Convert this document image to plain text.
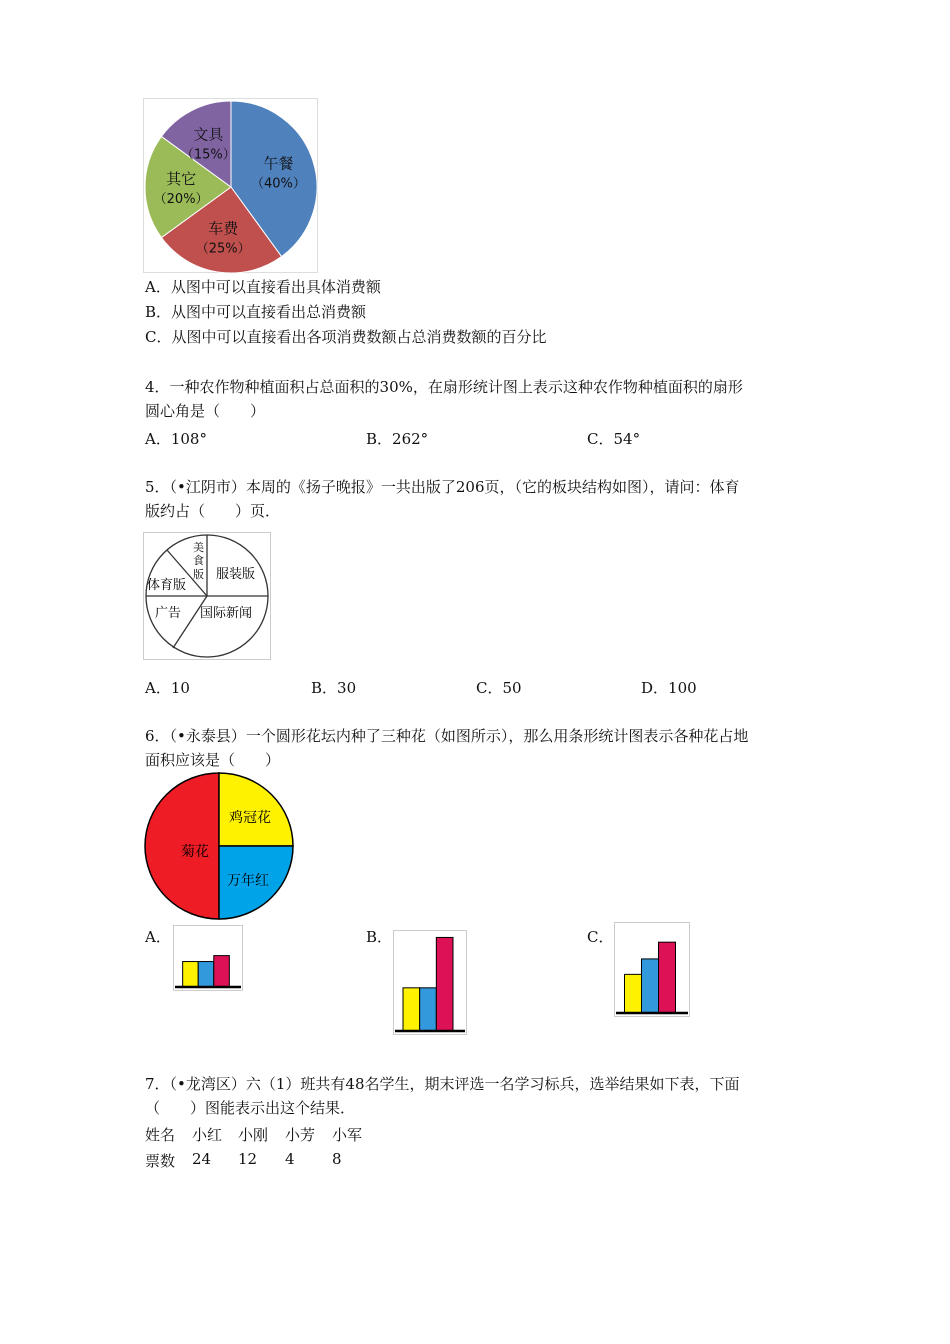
午餐
（40%）
车费
（25%）
其它
（20%）
文具
（15%）
A．从图中可以直接看出具体消费额
B．从图中可以直接看出总消费额
C．从图中可以直接看出各项消费数额占总消费数额的百分比
4．一种农作物种植面积占总面积的30%，在扇形统计图上表示这种农作物种植面积的扇形
圆心角是（　　）
A．108°	B．262°	C．54°
5．（•江阴市）本周的《扬子晚报》一共出版了206页，（它的板块结构如图），请问：体育
版约占（　　）页．
美
食
版 服装版
体育版
广告 国际新闻
A．10	B．30	C．50	D．100
6．（•永泰县）一个圆形花坛内种了三种花（如图所示），那么用条形统计图表示各种花占地
面积应该是（　　）
菊花
鸡冠花
万年红
A．	B．	C．
7．（•龙湾区）六（1）班共有48名学生，期末评选一名学习标兵，选举结果如下表，下面
（　　）图能表示出这个结果．
姓名 小红 小刚 小芳 小军
票数 24 12 4 8
